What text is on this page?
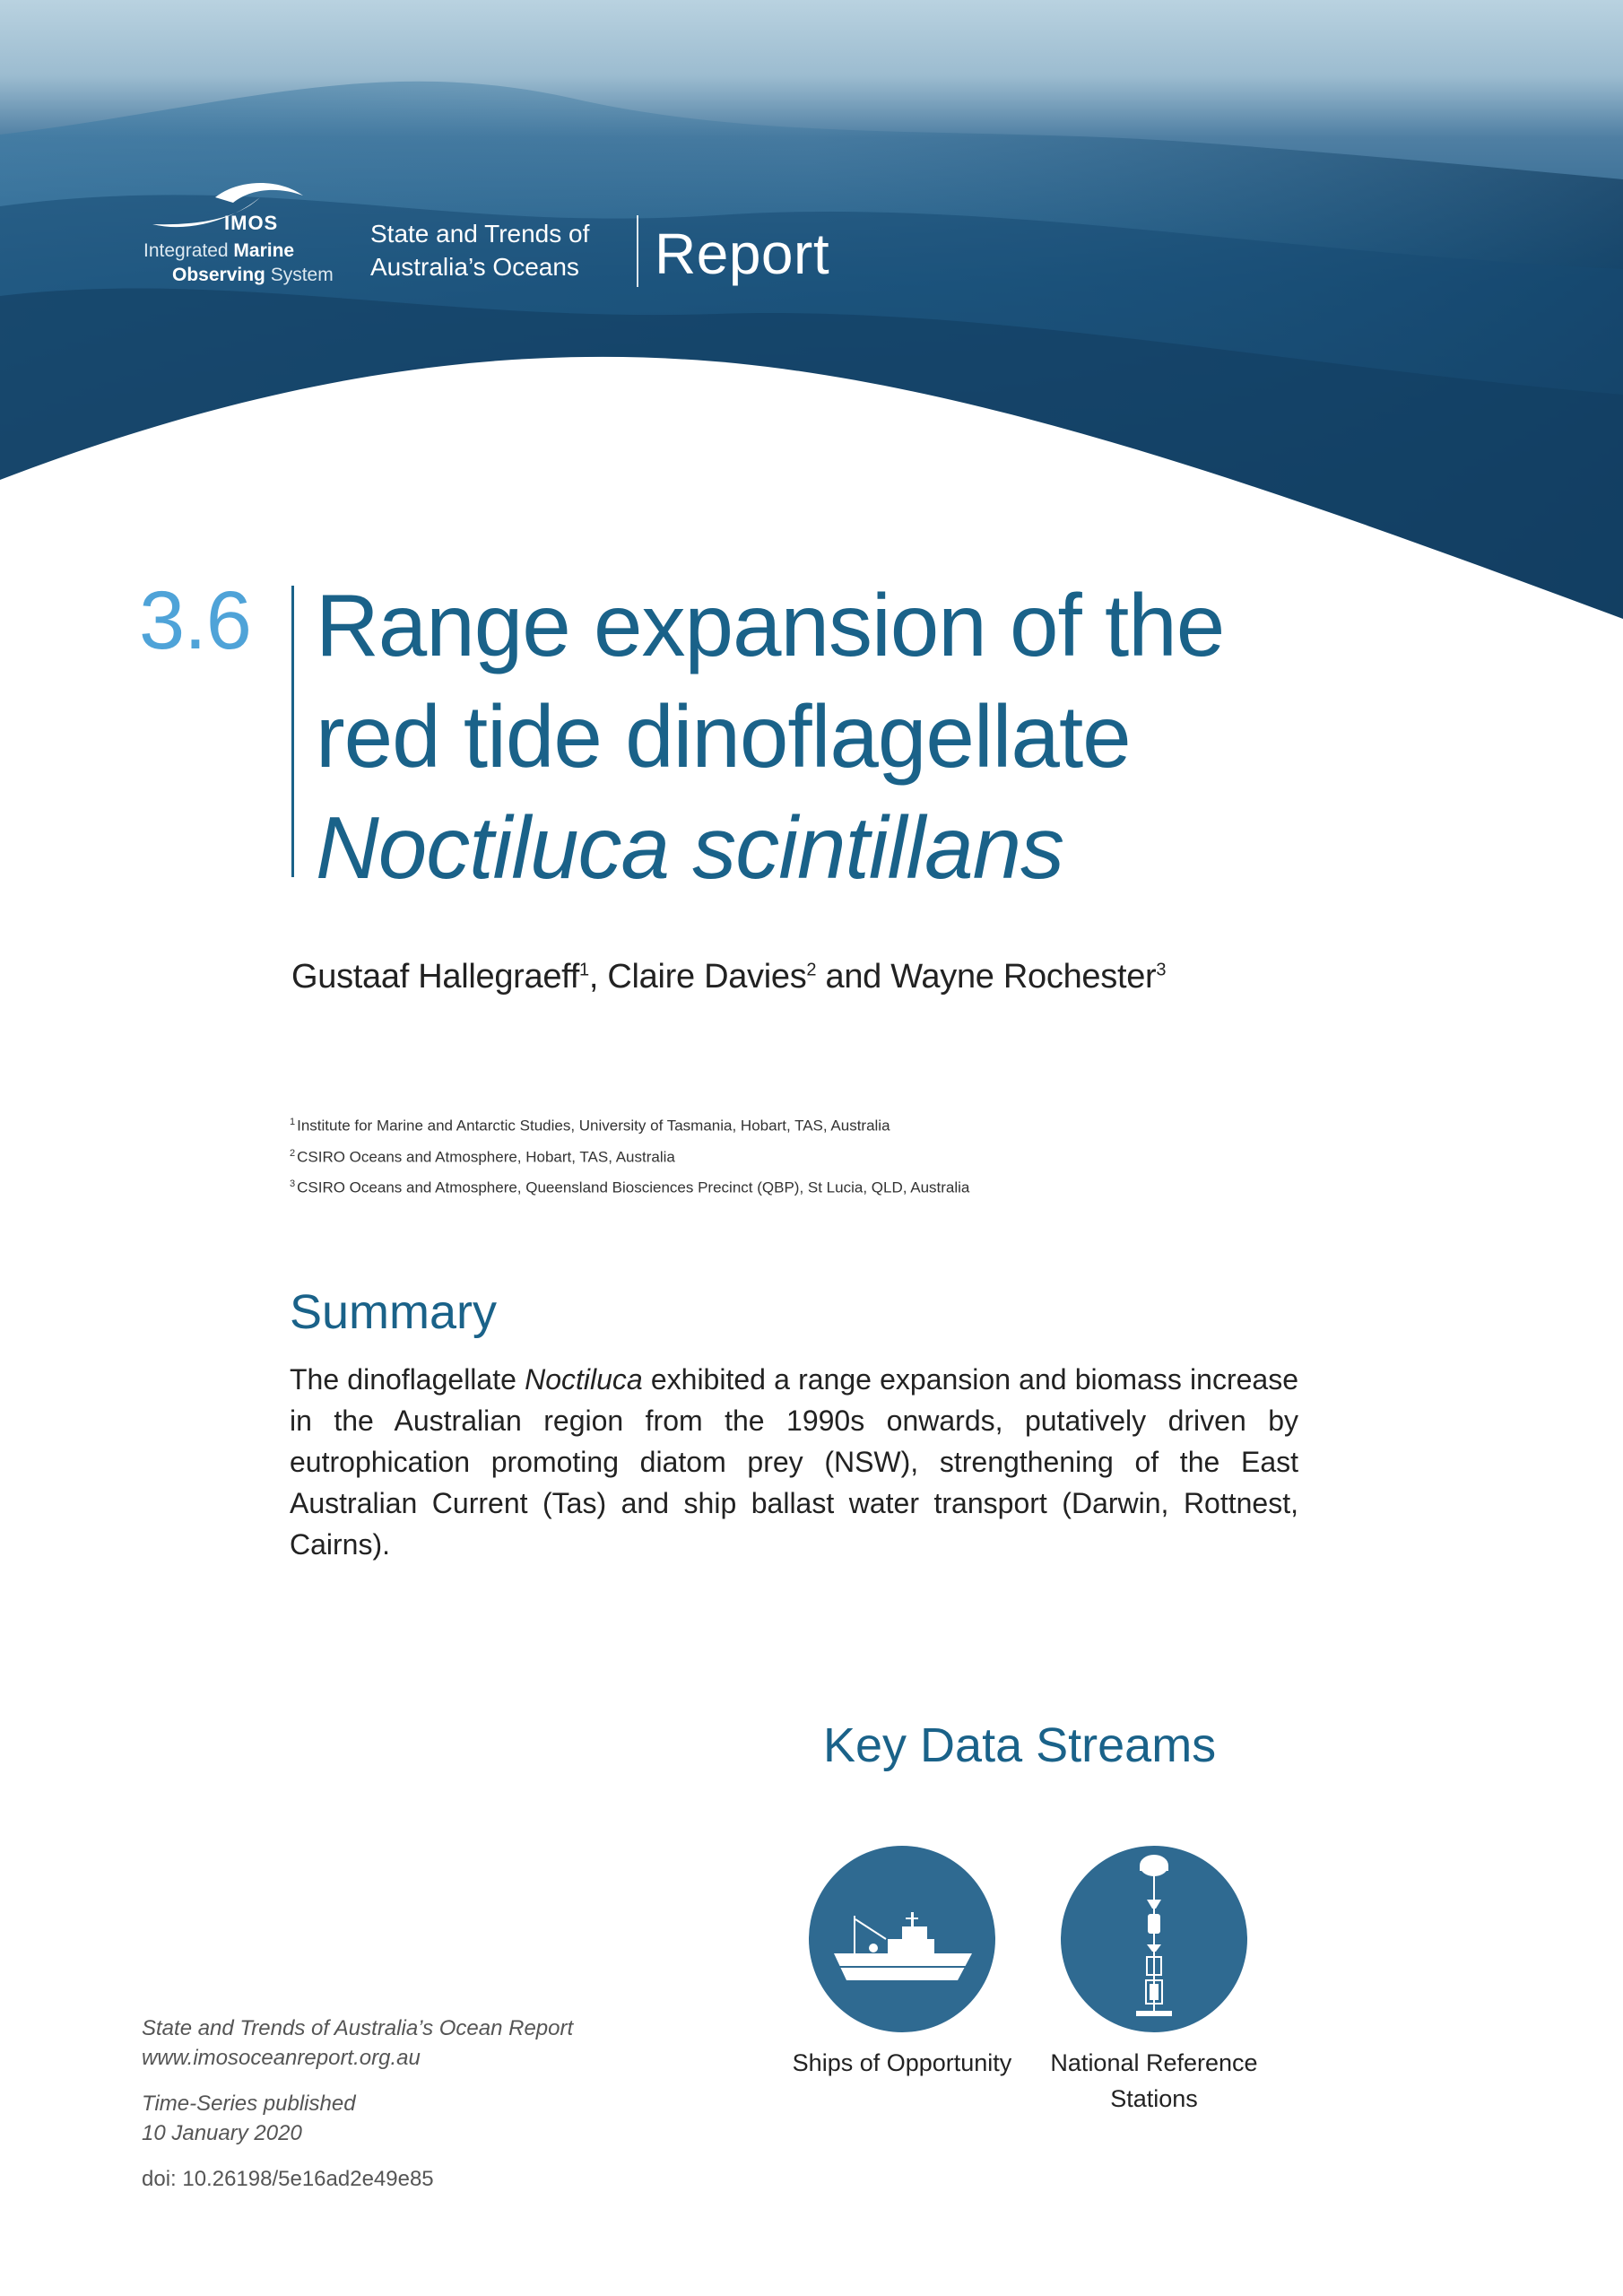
IMOS
Integrated Marine
Observing System
State and Trends of
Australia’s Oceans Report
3.6 Range expansion of the
red tide dinoflagellate
Noctiluca scintillans
Gustaaf Hallegraeff$^1$, Claire Davies$^2$ and Wayne Rochester$^3$
$^1$ Institute for Marine and Antarctic Studies, University of Tasmania, Hobart, TAS, Australia
$^2$ CSIRO Oceans and Atmosphere, Hobart, TAS, Australia
$^3$ CSIRO Oceans and Atmosphere, Queensland Biosciences Precinct (QBP), St Lucia, QLD, Australia
Summary

The dinoflagellate Noctiluca exhibited a range expansion and biomass increase in the Australian region from the 1990s onwards, putatively driven by eutrophication promoting diatom prey (NSW), strengthening of the East Australian Current (Tas) and ship ballast water transport (Darwin, Rottnest, Cairns).

Key Data Streams
Ships of Opportunity	National Reference Stations
State and Trends of Australia’s Ocean Report
www.imosoceanreport.org.au
Time-Series published
10 January 2020
doi: 10.26198/5e16ad2e49e85
